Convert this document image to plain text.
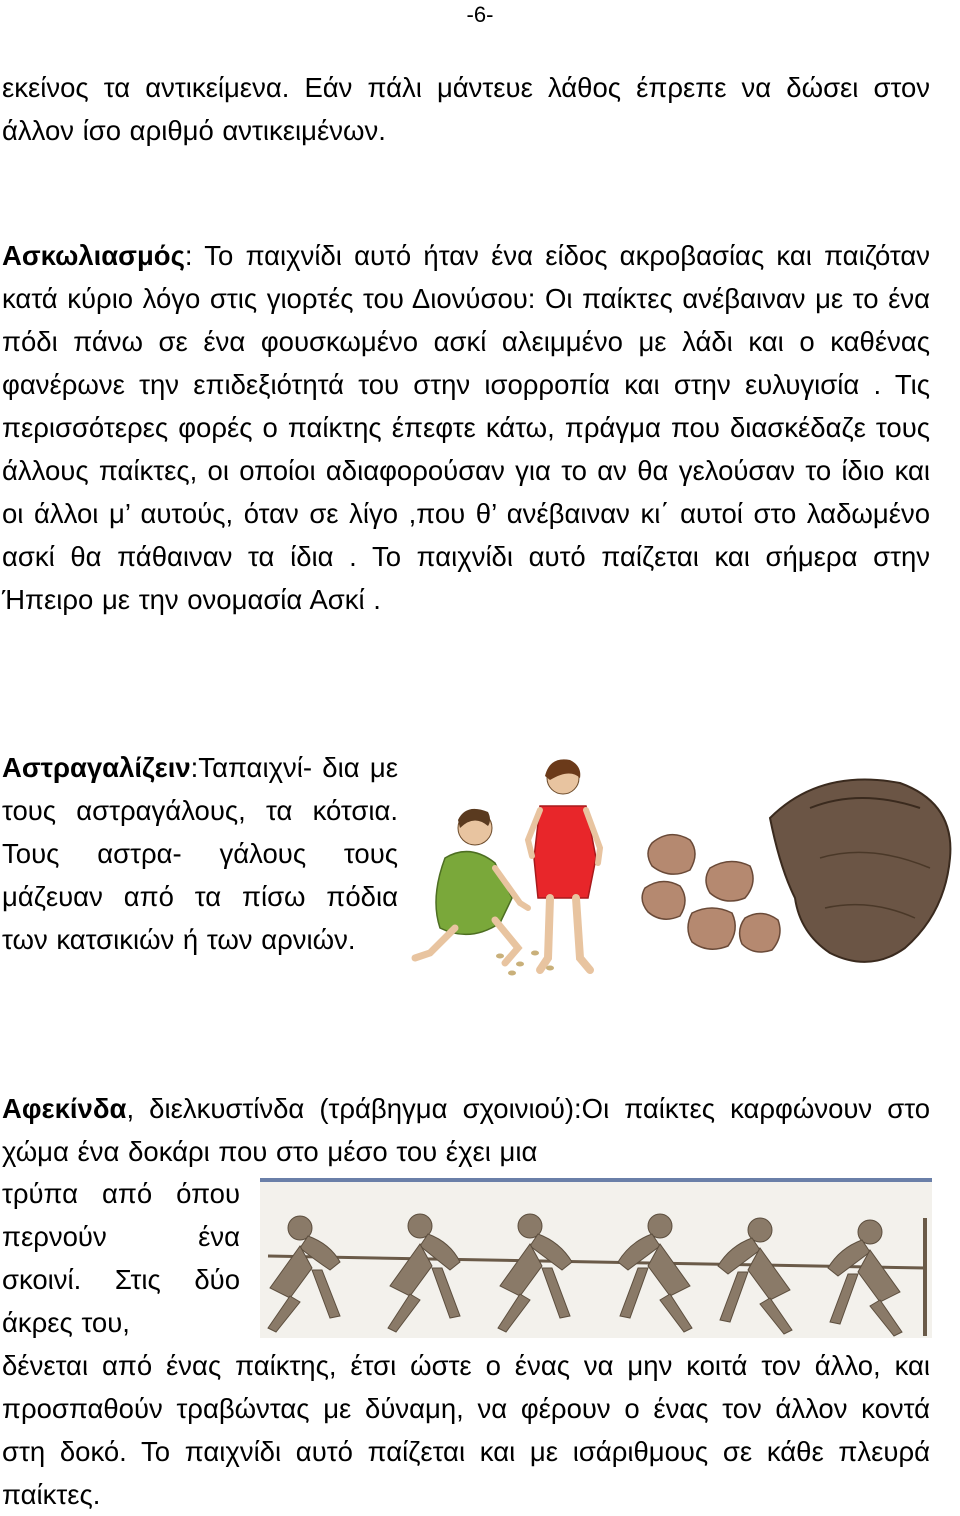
-6-

εκείνος τα αντικείμενα. Εάν πάλι μάντευε λάθος έπρεπε να δώσει στον άλλον ίσο αριθμό αντικειμένων.

Ασκωλιασμός: Το παιχνίδι αυτό ήταν ένα είδος ακροβασίας και παιζόταν κατά κύριο λόγο στις γιορτές του Διονύσου: Οι παίκτες ανέβαιναν με το ένα πόδι πάνω σε ένα φουσκωμένο ασκί αλειμμένο με λάδι και ο καθένας φανέρωνε την επιδεξιότητά του στην ισορροπία και στην ευλυγισία . Τις περισσότερες φορές ο παίκτης έπεφτε κάτω, πράγμα που διασκέδαζε τους άλλους παίκτες, οι οποίοι αδιαφορούσαν για το αν θα γελούσαν το ίδιο και οι άλλοι μ’ αυτούς, όταν σε λίγο ,που θ’ ανέβαιναν κι΄ αυτοί στο λαδωμένο ασκί θα πάθαιναν τα ίδια . Το παιχνίδι αυτό παίζεται και σήμερα στην Ήπειρο με την ονομασία Ασκί .

Αστραγαλίζειν:Ταπαιχνί- δια με τους αστραγάλους, τα κότσια. Τους αστρα- γάλους τους μάζευαν από τα πίσω πόδια των κατσικιών ή των αρνιών.

Αφεκίνδα, διελκυστίνδα (τράβηγμα σχοινιού):Οι παίκτες καρφώνουν στο χώμα ένα δοκάρι που στο μέσο του έχει μια

τρύπα από όπου περνούν ένα σκοινί. Στις δύο άκρες του,

δένεται από ένας παίκτης, έτσι ώστε ο ένας να μην κοιτά τον άλλο, και προσπαθούν τραβώντας με δύναμη, να φέρουν ο ένας τον άλλον κοντά στη δοκό. Το παιχνίδι αυτό παίζεται και με ισάριθμους σε κάθε πλευρά παίκτες.
